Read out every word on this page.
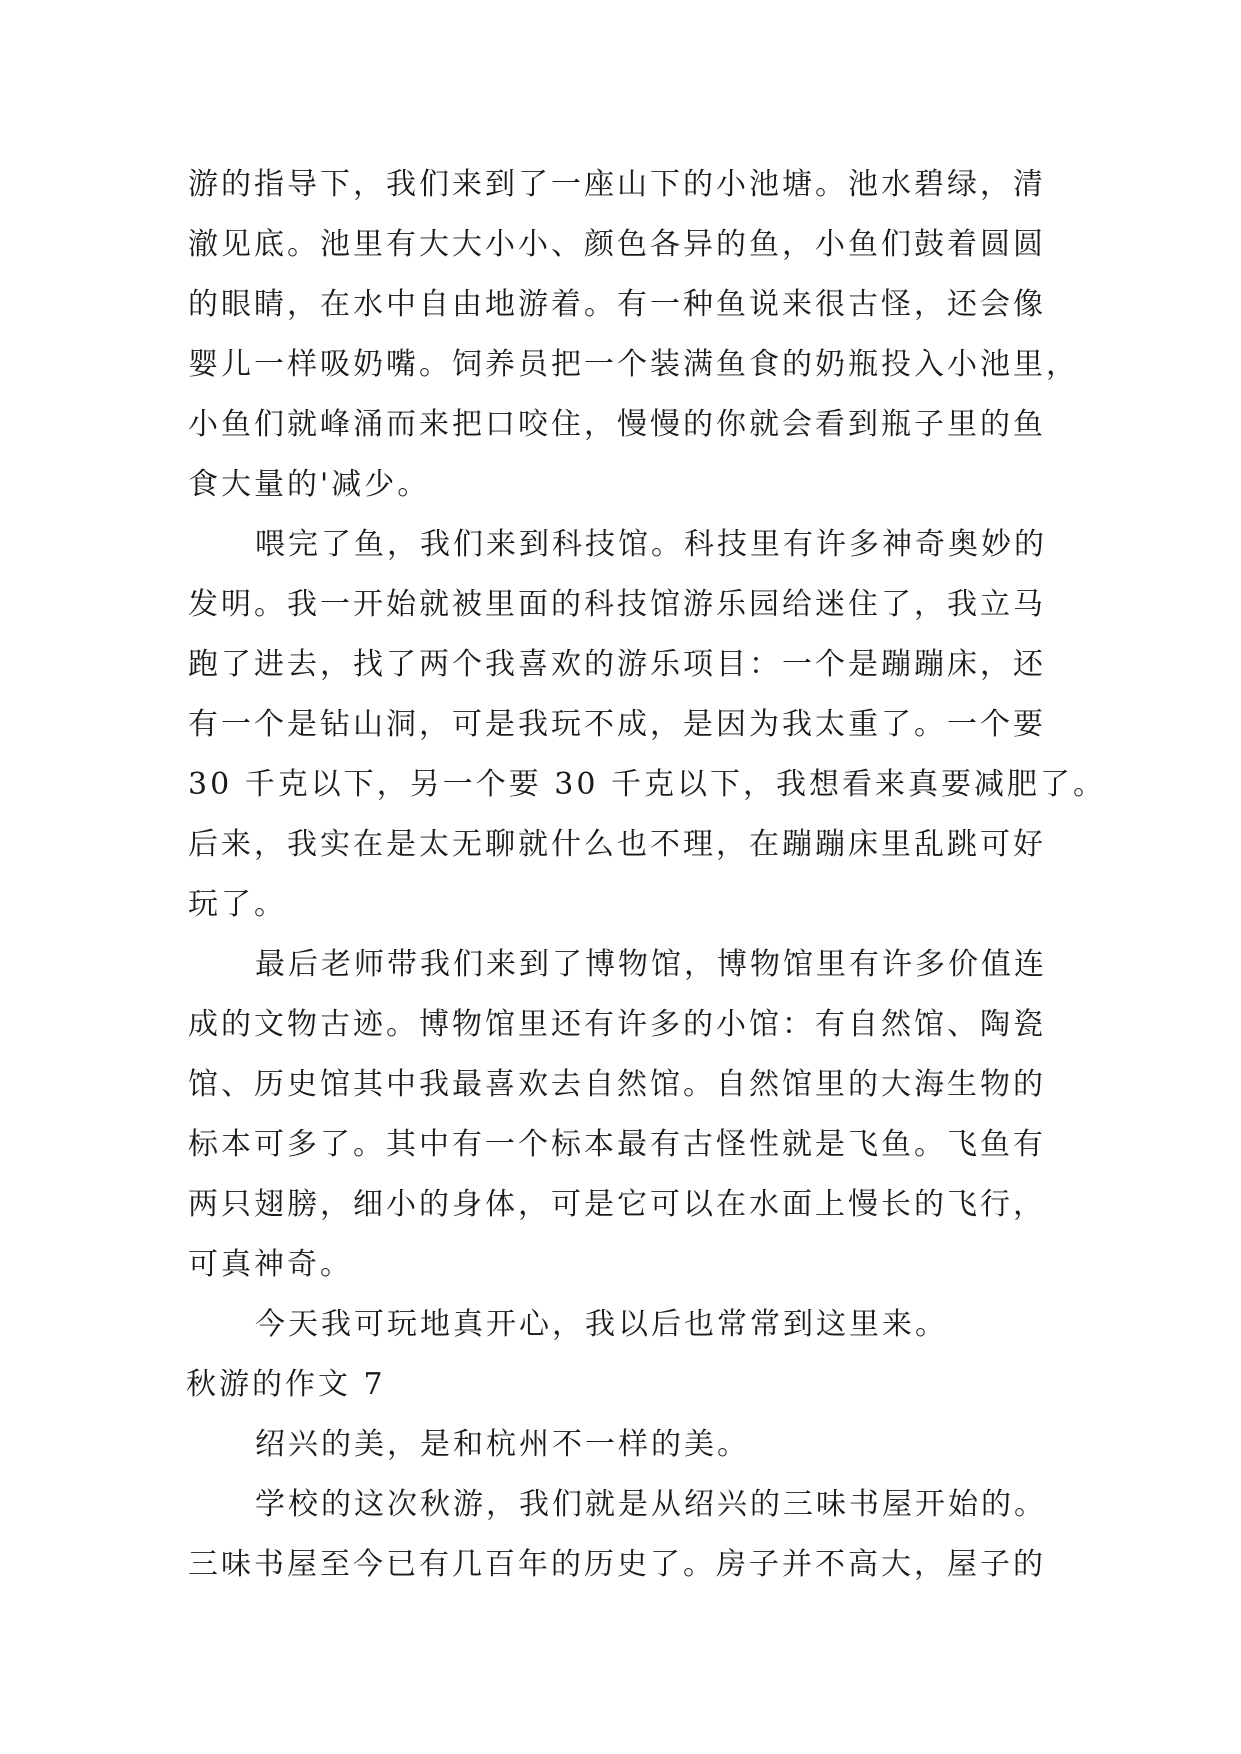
游的指导下，我们来到了一座山下的小池塘。池水碧绿，清
澈见底。池里有大大小小、颜色各异的鱼，小鱼们鼓着圆圆
的眼睛，在水中自由地游着。有一种鱼说来很古怪，还会像
婴儿一样吸奶嘴。饲养员把一个装满鱼食的奶瓶投入小池里，
小鱼们就峰涌而来把口咬住，慢慢的你就会看到瓶子里的鱼
食大量的'减少。
喂完了鱼，我们来到科技馆。科技里有许多神奇奥妙的
发明。我一开始就被里面的科技馆游乐园给迷住了，我立马
跑了进去，找了两个我喜欢的游乐项目：一个是蹦蹦床，还
有一个是钻山洞，可是我玩不成，是因为我太重了。一个要
30 千克以下，另一个要 30 千克以下，我想看来真要减肥了。
后来，我实在是太无聊就什么也不理，在蹦蹦床里乱跳可好
玩了。
最后老师带我们来到了博物馆，博物馆里有许多价值连
成的文物古迹。博物馆里还有许多的小馆：有自然馆、陶瓷
馆、历史馆其中我最喜欢去自然馆。自然馆里的大海生物的
标本可多了。其中有一个标本最有古怪性就是飞鱼。飞鱼有
两只翅膀，细小的身体，可是它可以在水面上慢长的飞行，
可真神奇。
今天我可玩地真开心，我以后也常常到这里来。
秋游的作文 7
绍兴的美，是和杭州不一样的美。
学校的这次秋游，我们就是从绍兴的三味书屋开始的。
三味书屋至今已有几百年的历史了。房子并不高大，屋子的
